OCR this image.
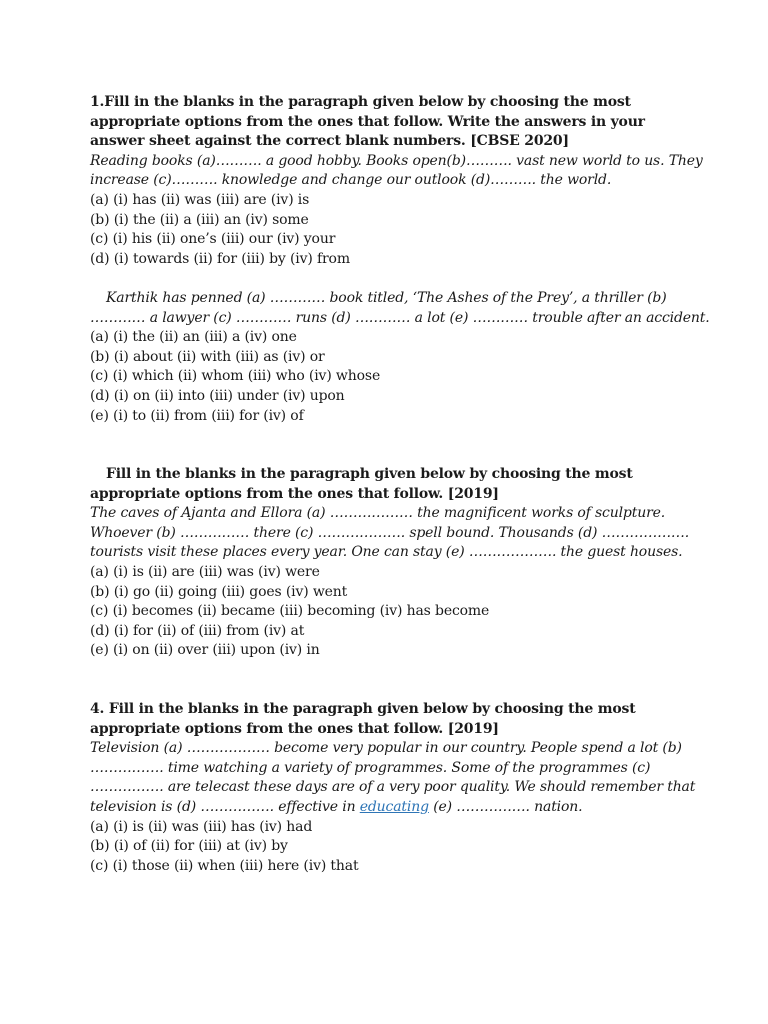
1.Fill in the blanks in the paragraph given below by choosing the most
appropriate options from the ones that follow. Write the answers in your
answer sheet against the correct blank numbers. [CBSE 2020]
Reading books (a)………. a good hobby. Books open(b)………. vast new world to us. They
increase (c)………. knowledge and change our outlook (d)………. the world.
(a) (i) has (ii) was (iii) are (iv) is
(b) (i) the (ii) a (iii) an (iv) some
(c) (i) his (ii) one’s (iii) our (iv) your
(d) (i) towards (ii) for (iii) by (iv) from
Karthik has penned (a) ………… book titled, ‘The Ashes of the Prey’, a thriller (b)
………… a lawyer (c) ………… runs (d) ………… a lot (e) ………… trouble after an accident.
(a) (i) the (ii) an (iii) a (iv) one
(b) (i) about (ii) with (iii) as (iv) or
(c) (i) which (ii) whom (iii) who (iv) whose
(d) (i) on (ii) into (iii) under (iv) upon
(e) (i) to (ii) from (iii) for (iv) of
Fill in the blanks in the paragraph given below by choosing the most
appropriate options from the ones that follow. [2019]
The caves of Ajanta and Ellora (a) ……………… the magnificent works of sculpture.
Whoever (b) …………… there (c) ………………. spell bound. Thousands (d) ……………….
tourists visit these places every year. One can stay (e) ………………. the guest houses.
(a) (i) is (ii) are (iii) was (iv) were
(b) (i) go (ii) going (iii) goes (iv) went
(c) (i) becomes (ii) became (iii) becoming (iv) has become
(d) (i) for (ii) of (iii) from (iv) at
(e) (i) on (ii) over (iii) upon (iv) in
4. Fill in the blanks in the paragraph given below by choosing the most
appropriate options from the ones that follow. [2019]
Television (a) ……………… become very popular in our country. People spend a lot (b)
……………. time watching a variety of programmes. Some of the programmes (c)
……………. are telecast these days are of a very poor quality. We should remember that
television is (d) ……………. effective in educating (e) ……………. nation.
(a) (i) is (ii) was (iii) has (iv) had
(b) (i) of (ii) for (iii) at (iv) by
(c) (i) those (ii) when (iii) here (iv) that
